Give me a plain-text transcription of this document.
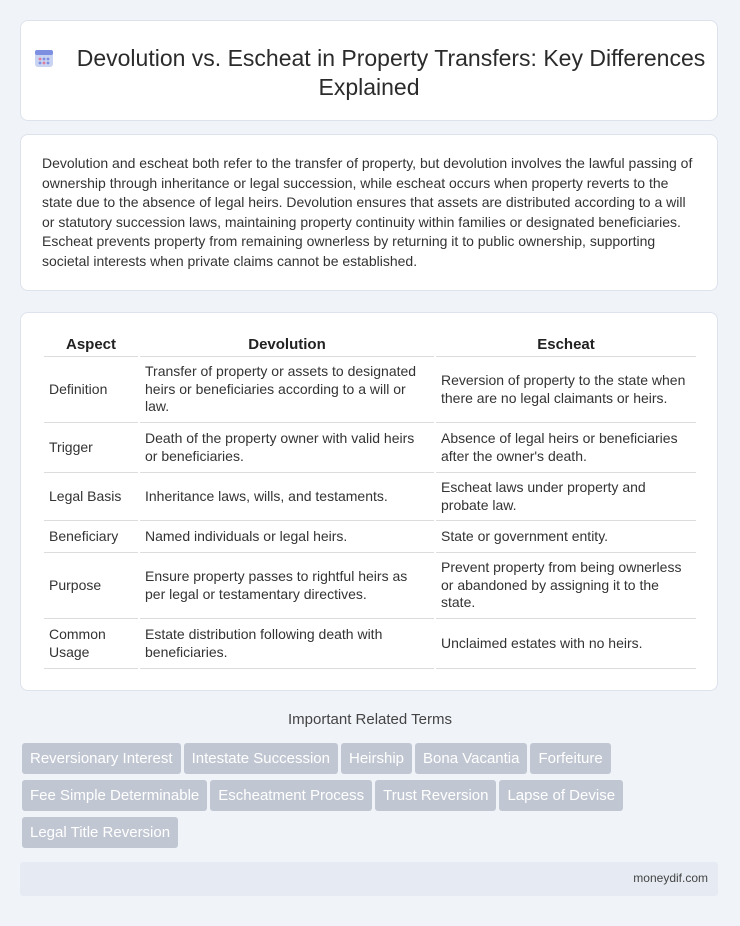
Devolution vs. Escheat in Property Transfers: Key Differences Explained

Devolution and escheat both refer to the transfer of property, but devolution involves the lawful passing of ownership through inheritance or legal succession, while escheat occurs when property reverts to the state due to the absence of legal heirs. Devolution ensures that assets are distributed according to a will or statutory succession laws, maintaining property continuity within families or designated beneficiaries. Escheat prevents property from remaining ownerless by returning it to public ownership, supporting societal interests when private claims cannot be established.

Aspect	Devolution	Escheat
Definition	Transfer of property or assets to designated heirs or beneficiaries according to a will or law.	Reversion of property to the state when there are no legal claimants or heirs.
Trigger	Death of the property owner with valid heirs or beneficiaries.	Absence of legal heirs or beneficiaries after the owner's death.
Legal Basis	Inheritance laws, wills, and testaments.	Escheat laws under property and probate law.
Beneficiary	Named individuals or legal heirs.	State or government entity.
Purpose	Ensure property passes to rightful heirs as per legal or testamentary directives.	Prevent property from being ownerless or abandoned by assigning it to the state.
Common Usage	Estate distribution following death with beneficiaries.	Unclaimed estates with no heirs.
Important Related Terms
Reversionary Interest Intestate Succession Heirship Bona Vacantia ForfeitureFee Simple Determinable Escheatment Process Trust Reversion Lapse of DeviseLegal Title Reversion
moneydif.com
